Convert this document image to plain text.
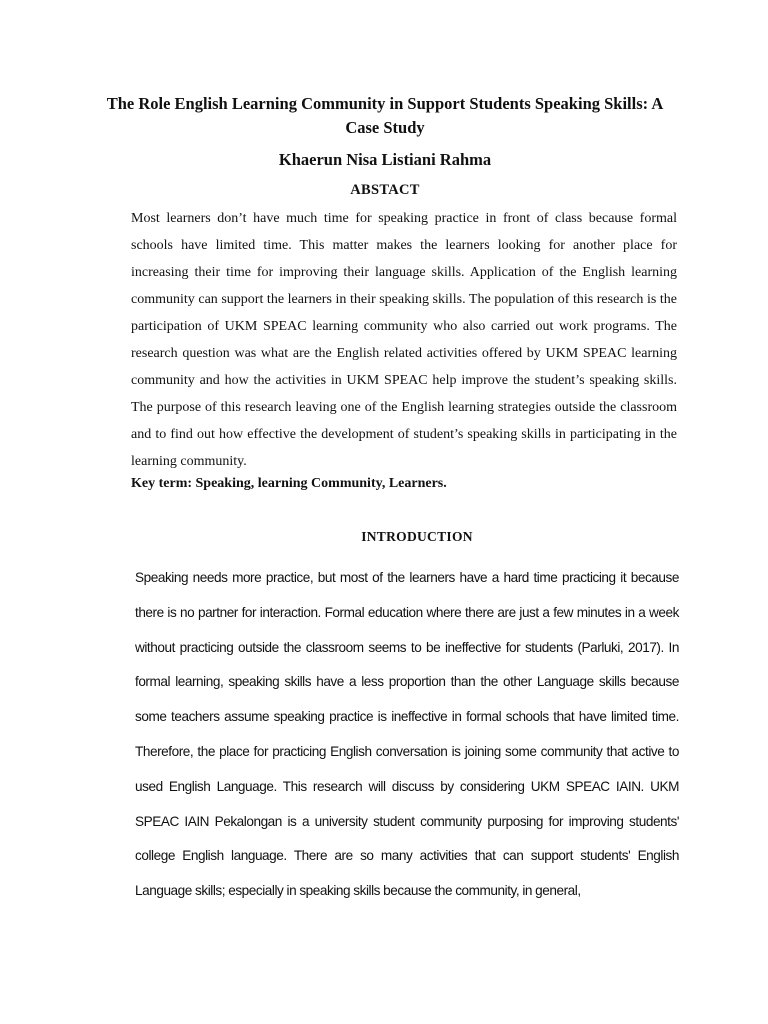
The Role English Learning Community in Support Students Speaking Skills: A Case Study
Khaerun Nisa Listiani Rahma
ABSTACT

Most learners don’t have much time for speaking practice in front of class because formal schools have limited time. This matter makes the learners looking for another place for increasing their time for improving their language skills. Application of the English learning community can support the learners in their speaking skills. The population of this research is the participation of UKM SPEAC learning community who also carried out work programs. The research question was what are the English related activities offered by UKM SPEAC learning community and how the activities in UKM SPEAC help improve the student’s speaking skills. The purpose of this research leaving one of the English learning strategies outside the classroom and to find out how effective the development of student’s speaking skills in participating in the learning community.

Key term: Speaking, learning Community, Learners.

INTRODUCTION

Speaking needs more practice, but most of the learners have a hard time practicing it because there is no partner for interaction. Formal education where there are just a few minutes in a week without practicing outside the classroom seems to be ineffective for students (Parluki, 2017). In formal learning, speaking skills have a less proportion than the other Language skills because some teachers assume speaking practice is ineffective in formal schools that have limited time. Therefore, the place for practicing English conversation is joining some community that active to used English Language. This research will discuss by considering UKM SPEAC IAIN. UKM SPEAC IAIN Pekalongan is a university student community purposing for improving students' college English language. There are so many activities that can support students' English Language skills; especially in speaking skills because the community, in general,
